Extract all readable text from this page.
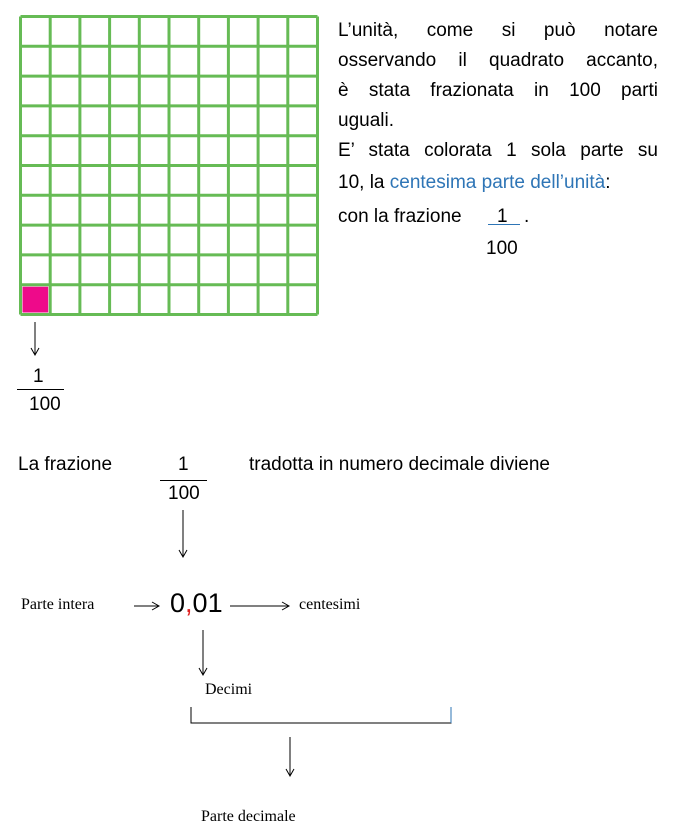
L’unità, come si può notare
osservando il quadrato accanto,
è stata frazionata in 100 parti
uguali.
E’ stata colorata 1 sola parte su
10, la centesima parte dell’unità:
con la frazione	1 .
100
1
100
La frazione	1
100
tradotta in numero decimale diviene
Parte intera	0,01	centesimi
Decimi
Parte decimale
